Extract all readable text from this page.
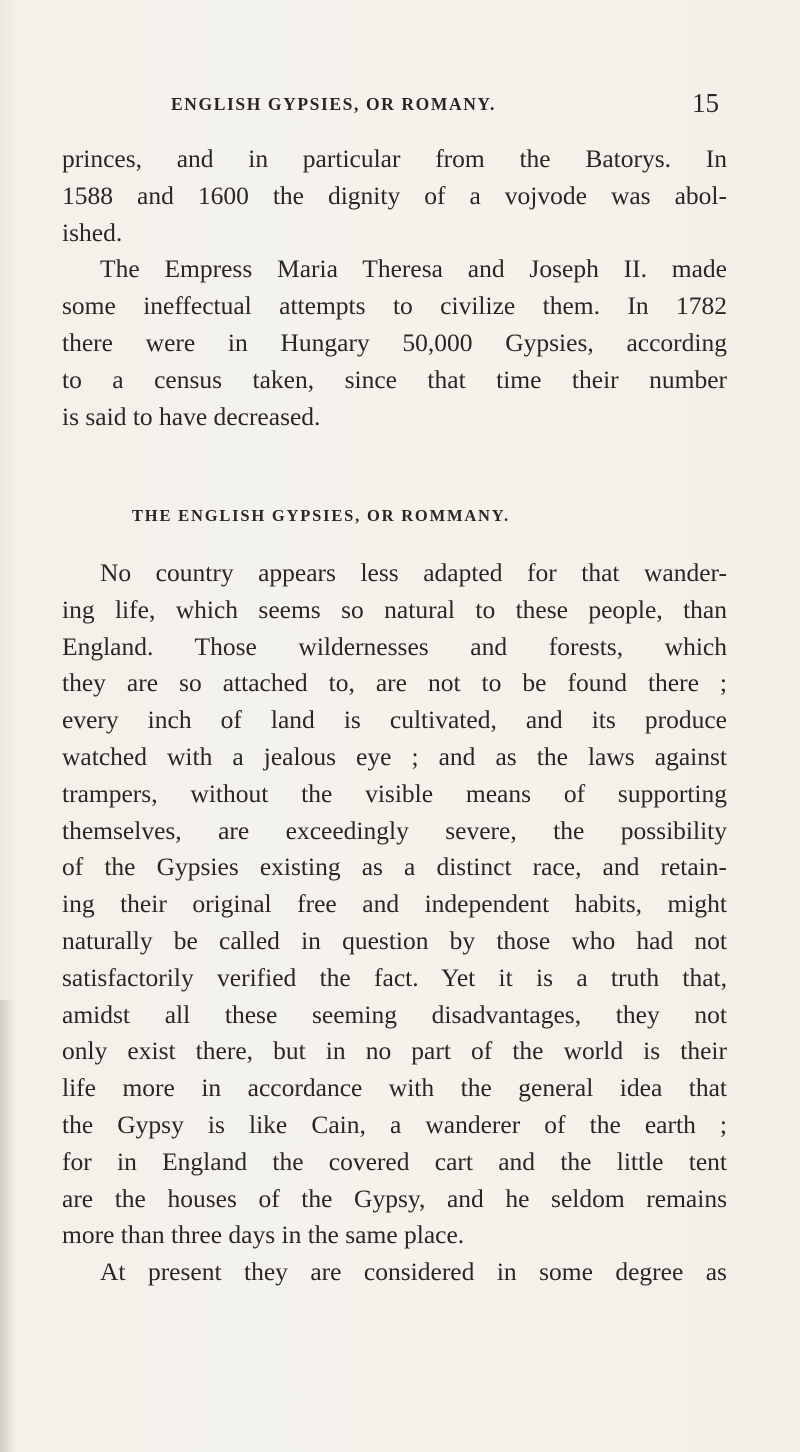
ENGLISH GYPSIES, OR ROMANY.	15
princes, and in particular from the Batorys. In
1588 and 1600 the dignity of a vojvode was abol-
ished.
The Empress Maria Theresa and Joseph II. made
some ineffectual attempts to civilize them. In 1782
there were in Hungary 50,000 Gypsies, according
to a census taken, since that time their number
is said to have decreased.
THE ENGLISH GYPSIES, OR ROMMANY.
No country appears less adapted for that wander-
ing life, which seems so natural to these people, than
England. Those wildernesses and forests, which
they are so attached to, are not to be found there ;
every inch of land is cultivated, and its produce
watched with a jealous eye ; and as the laws against
trampers, without the visible means of supporting
themselves, are exceedingly severe, the possibility
of the Gypsies existing as a distinct race, and retain-
ing their original free and independent habits, might
naturally be called in question by those who had not
satisfactorily verified the fact. Yet it is a truth that,
amidst all these seeming disadvantages, they not
only exist there, but in no part of the world is their
life more in accordance with the general idea that
the Gypsy is like Cain, a wanderer of the earth ;
for in England the covered cart and the little tent
are the houses of the Gypsy, and he seldom remains
more than three days in the same place.
At present they are considered in some degree as
